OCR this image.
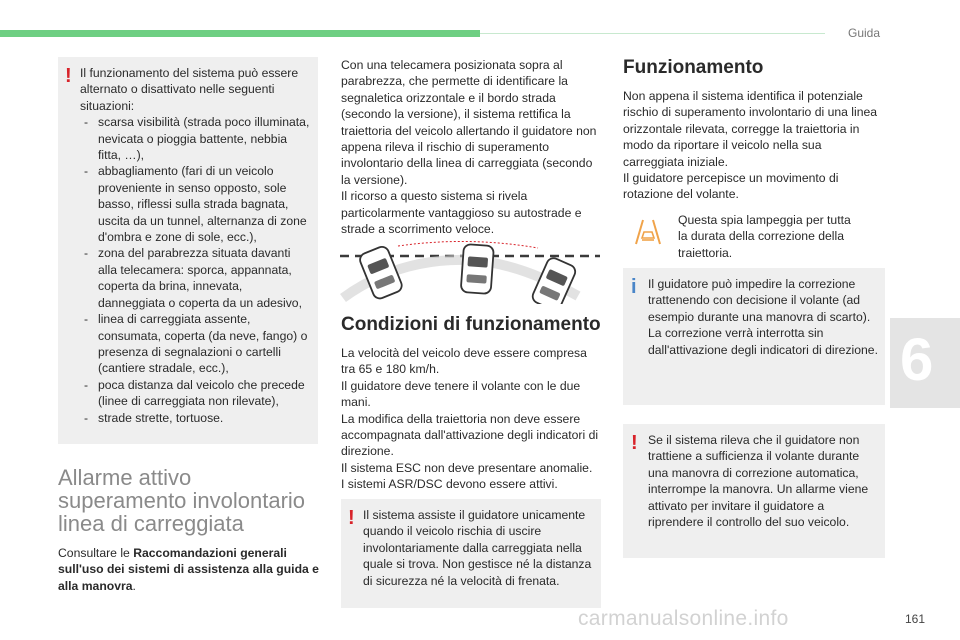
Guida
6
! Il funzionamento del sistema può essere alternato o disattivato nelle seguenti situazioni:

- scarsa visibilità (strada poco illuminata, nevicata o pioggia battente, nebbia fitta, …),
- abbagliamento (fari di un veicolo proveniente in senso opposto, sole basso, riflessi sulla strada bagnata, uscita da un tunnel, alternanza di zone d'ombra e zone di sole, ecc.),
- zona del parabrezza situata davanti alla telecamera: sporca, appannata, coperta da brina, innevata, danneggiata o coperta da un adesivo,
- linea di carreggiata assente, consumata, coperta (da neve, fango) o presenza di segnalazioni o cartelli (cantiere stradale, ecc.),
- poca distanza dal veicolo che precede (linee di carreggiata non rilevate),
- strade strette, tortuose.
Allarme attivo superamento involontario linea di carreggiata

Consultare le Raccomandazioni generali sull'uso dei sistemi di assistenza alla guida e alla manovra.

Con una telecamera posizionata sopra al parabrezza, che permette di identificare la segnaletica orizzontale e il bordo strada (secondo la versione), il sistema rettifica la traiettoria del veicolo allertando il guidatore non appena rileva il rischio di superamento involontario della linea di carreggiata (secondo la versione).

Il ricorso a questo sistema si rivela particolarmente vantaggioso su autostrade e strade a scorrimento veloce.

Condizioni di funzionamento

La velocità del veicolo deve essere compresa tra 65 e 180 km/h.

Il guidatore deve tenere il volante con le due mani.

La modifica della traiettoria non deve essere accompagnata dall'attivazione degli indicatori di direzione.

Il sistema ESC non deve presentare anomalie.

I sistemi ASR/DSC devono essere attivi.

! Il sistema assiste il guidatore unicamente quando il veicolo rischia di uscire involontariamente dalla carreggiata nella quale si trova. Non gestisce né la distanza di sicurezza né la velocità di frenata.

Funzionamento

Non appena il sistema identifica il potenziale rischio di superamento involontario di una linea orizzontale rilevata, corregge la traiettoria in modo da riportare il veicolo nella sua carreggiata iniziale.

Il guidatore percepisce un movimento di rotazione del volante.

Questa spia lampeggia per tutta la durata della correzione della traiettoria.

i Il guidatore può impedire la correzione trattenendo con decisione il volante (ad esempio durante una manovra di scarto). La correzione verrà interrotta sin dall'attivazione degli indicatori di direzione.

! Se il sistema rileva che il guidatore non trattiene a sufficienza il volante durante una manovra di correzione automatica, interrompe la manovra. Un allarme viene attivato per invitare il guidatore a riprendere il controllo del suo veicolo.

carmanualsonline.info	161
